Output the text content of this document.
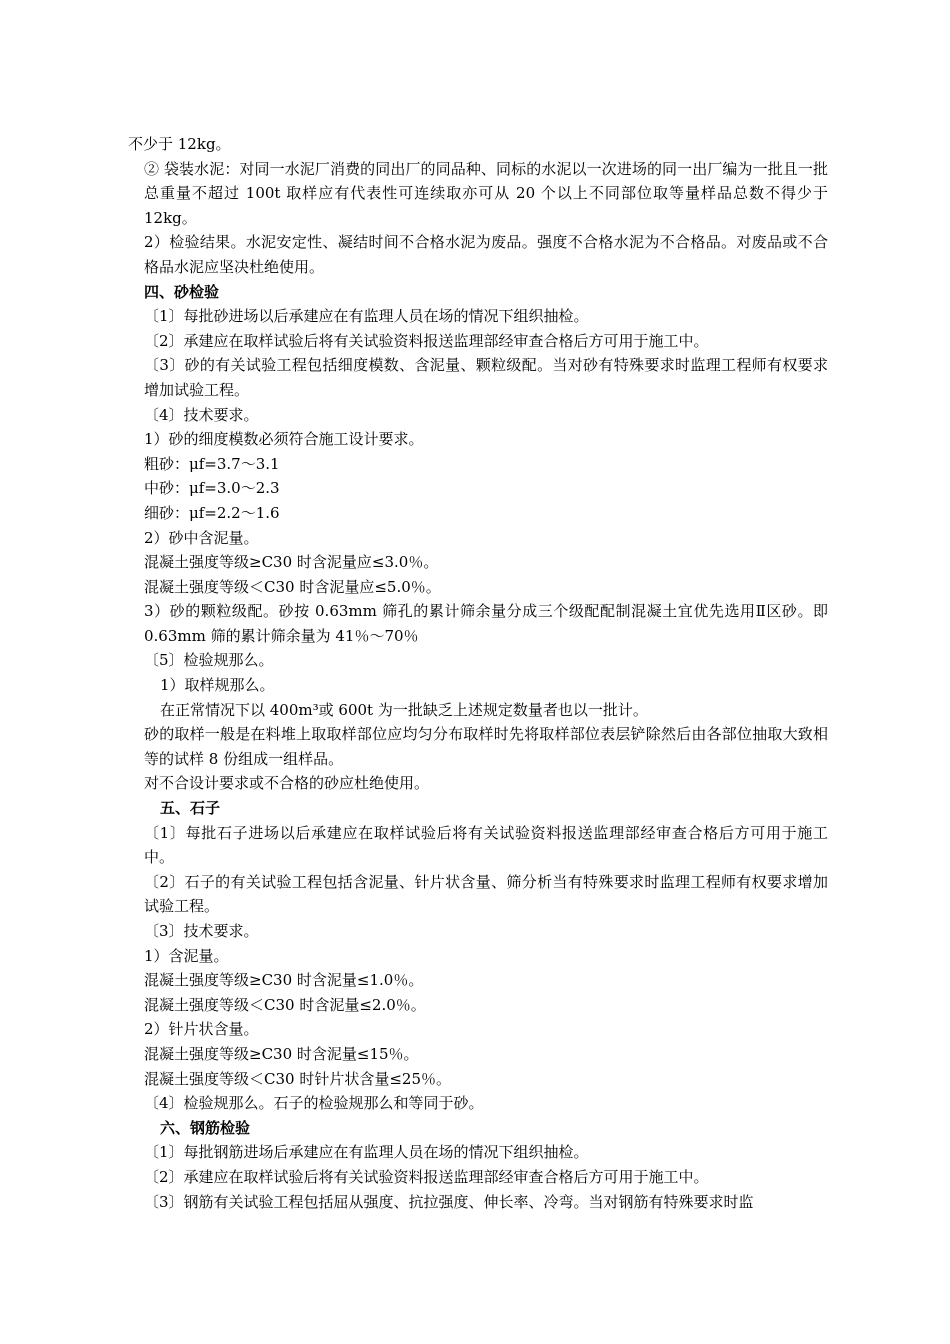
不少于 12kg。

② 袋装水泥：对同一水泥厂消费的同出厂的同品种、同标的水泥以一次进场的同一出厂编为一批且一批总重量不超过 100t 取样应有代表性可连续取亦可从 20 个以上不同部位取等量样品总数不得少于 12kg。

2）检验结果。水泥安定性、凝结时间不合格水泥为废品。强度不合格水泥为不合格品。对废品或不合格品水泥应坚决杜绝使用。

四、砂检验

〔1〕每批砂进场以后承建应在有监理人员在场的情况下组织抽检。

〔2〕承建应在取样试验后将有关试验资料报送监理部经审查合格后方可用于施工中。

〔3〕砂的有关试验工程包括细度模数、含泥量、颗粒级配。当对砂有特殊要求时监理工程师有权要求增加试验工程。

〔4〕技术要求。

1）砂的细度模数必须符合施工设计要求。

粗砂：μf=3.7～3.1

中砂：μf=3.0～2.3

细砂：μf=2.2～1.6

2）砂中含泥量。

混凝土强度等级≥C30 时含泥量应≤3.0％。

混凝土强度等级＜C30 时含泥量应≤5.0％。

3）砂的颗粒级配。砂按 0.63mm 筛孔的累计筛余量分成三个级配配制混凝土宜优先选用Ⅱ区砂。即 0.63mm 筛的累计筛余量为 41％～70％

〔5〕检验规那么。

1）取样规那么。

在正常情况下以 400m³或 600t 为一批缺乏上述规定数量者也以一批计。

砂的取样一般是在料堆上取取样部位应均匀分布取样时先将取样部位表层铲除然后由各部位抽取大致相等的试样 8 份组成一组样品。

对不合设计要求或不合格的砂应杜绝使用。

五、石子

〔1〕每批石子进场以后承建应在取样试验后将有关试验资料报送监理部经审查合格后方可用于施工中。

〔2〕石子的有关试验工程包括含泥量、针片状含量、筛分析当有特殊要求时监理工程师有权要求增加试验工程。

〔3〕技术要求。

1）含泥量。

混凝土强度等级≥C30 时含泥量≤1.0％。

混凝土强度等级＜C30 时含泥量≤2.0％。

2）针片状含量。

混凝土强度等级≥C30 时含泥量≤15％。

混凝土强度等级＜C30 时针片状含量≤25％。

〔4〕检验规那么。石子的检验规那么和等同于砂。

六、钢筋检验

〔1〕每批钢筋进场后承建应在有监理人员在场的情况下组织抽检。

〔2〕承建应在取样试验后将有关试验资料报送监理部经审查合格后方可用于施工中。

〔3〕钢筋有关试验工程包括屈从强度、抗拉强度、伸长率、冷弯。当对钢筋有特殊要求时监
